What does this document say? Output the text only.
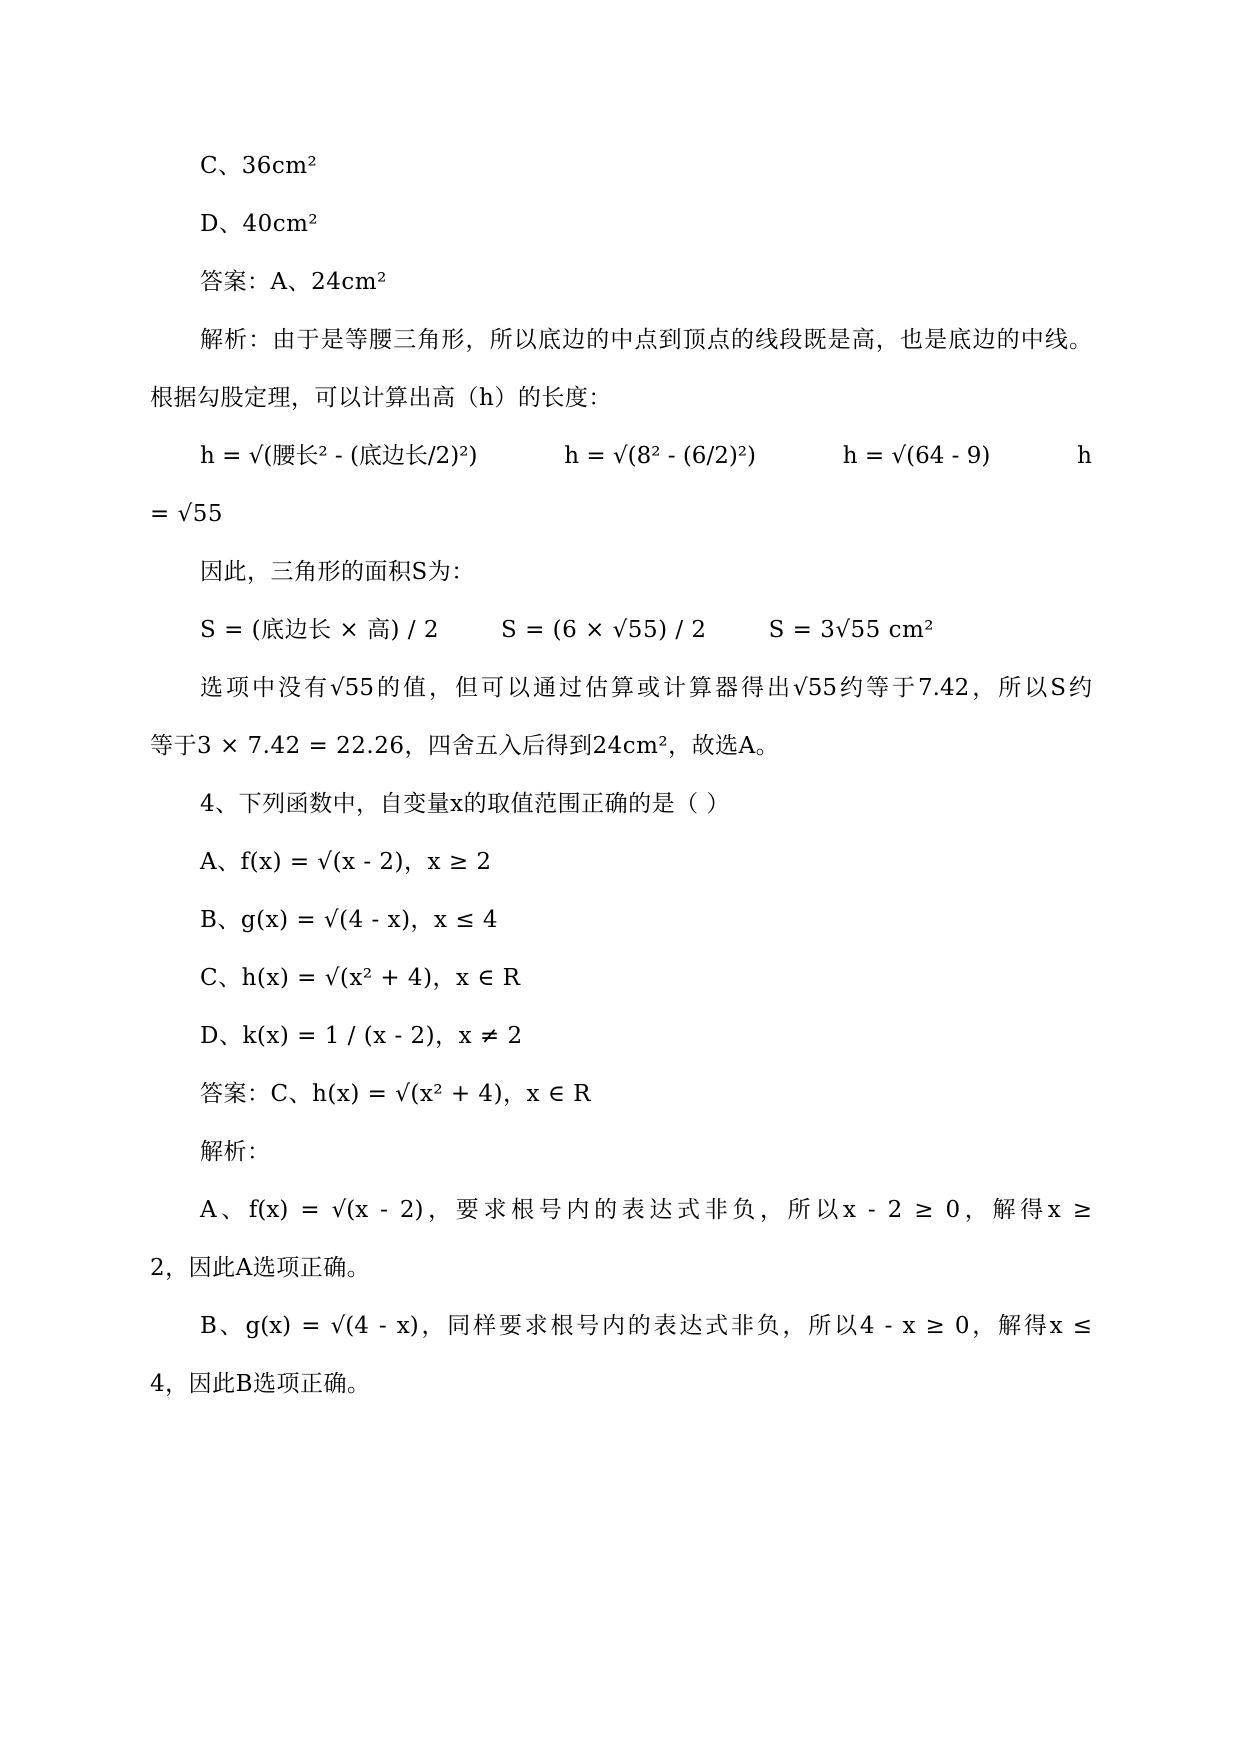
C、36cm²
D、40cm²
答案：A、24cm²
解析：由于是等腰三角形，所以底边的中点到顶点的线段既是高，也是底边的中线。
根据勾股定理，可以计算出高（h）的长度：
h = √(腰长² - (底边长/2)²)	h = √(8² - (6/2)²)	h = √(64 - 9)	h
= √55
因此，三角形的面积S为：
S = (底边长 × 高) / 2	S = (6 × √55) / 2	S = 3√55 cm²
选项中没有√55的值，但可以通过估算或计算器得出√55约等于7.42，所以S约
等于3 × 7.42 = 22.26，四舍五入后得到24cm²，故选A。
4、下列函数中，自变量x的取值范围正确的是（ ）
A、f(x) = √(x - 2)，x ≥ 2
B、g(x) = √(4 - x)，x ≤ 4
C、h(x) = √(x² + 4)，x ∈ R
D、k(x) = 1 / (x - 2)，x ≠ 2
答案：C、h(x) = √(x² + 4)，x ∈ R
解析：
A、f(x) = √(x - 2)，要求根号内的表达式非负，所以x - 2 ≥ 0，解得x ≥
2，因此A选项正确。
B、g(x) = √(4 - x)，同样要求根号内的表达式非负，所以4 - x ≥ 0，解得x ≤
4，因此B选项正确。
